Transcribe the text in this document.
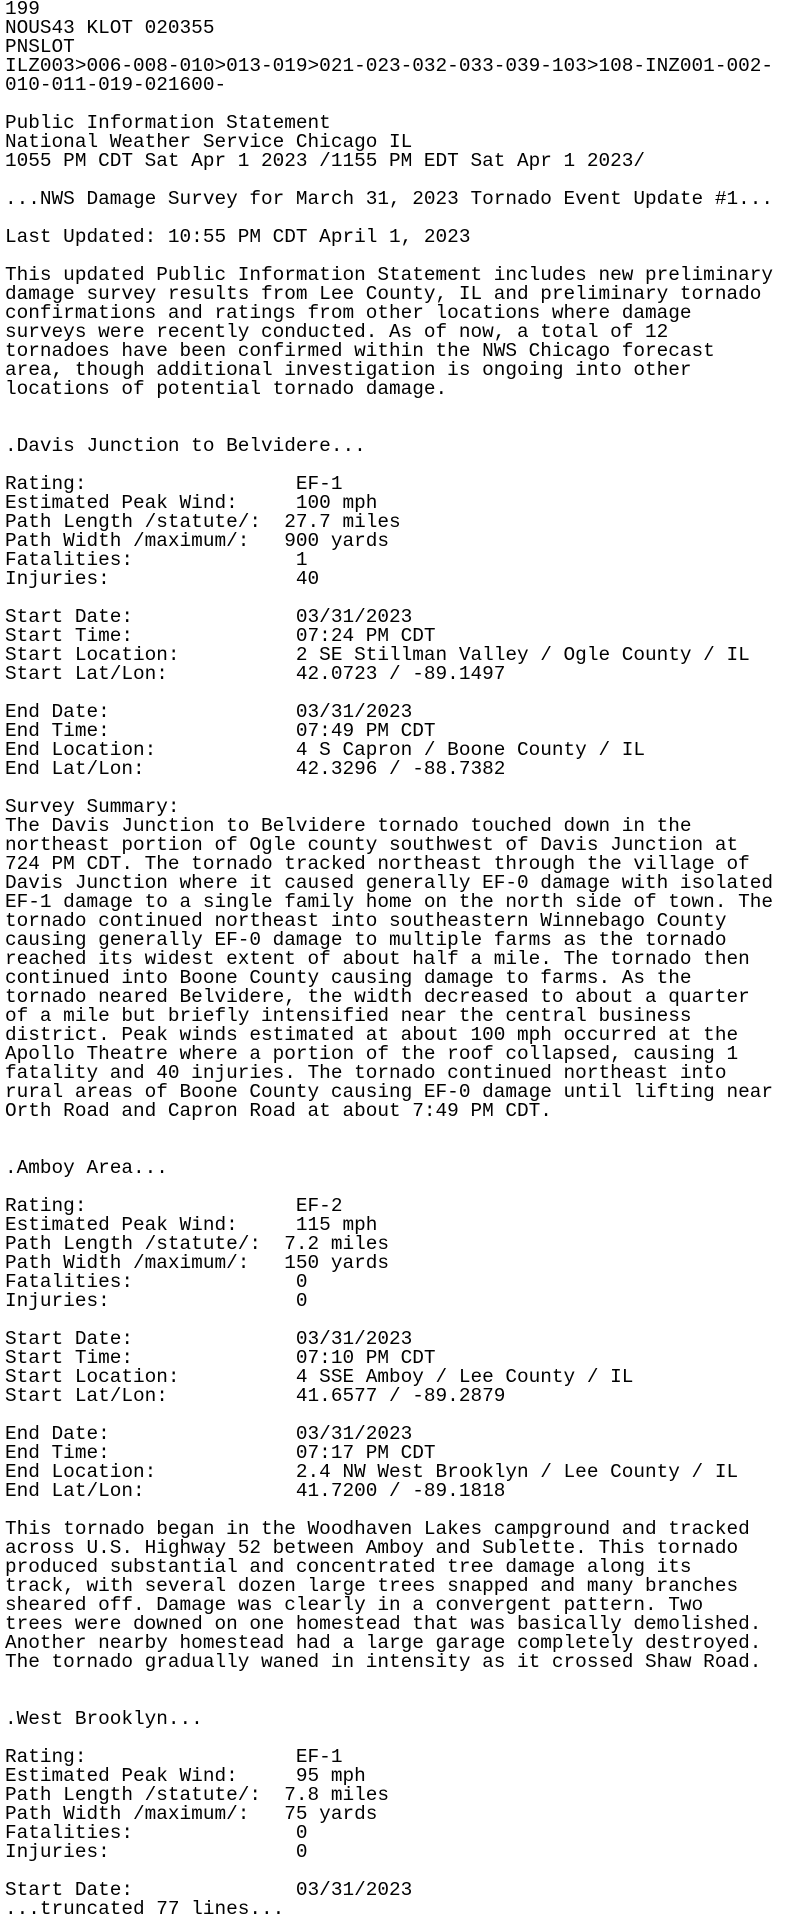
199
NOUS43 KLOT 020355
PNSLOT
ILZ003>006-008-010>013-019>021-023-032-033-039-103>108-INZ001-002-
010-011-019-021600-

Public Information Statement
National Weather Service Chicago IL
1055 PM CDT Sat Apr 1 2023 /1155 PM EDT Sat Apr 1 2023/

...NWS Damage Survey for March 31, 2023 Tornado Event Update #1...

Last Updated: 10:55 PM CDT April 1, 2023

This updated Public Information Statement includes new preliminary
damage survey results from Lee County, IL and preliminary tornado
confirmations and ratings from other locations where damage
surveys were recently conducted. As of now, a total of 12
tornadoes have been confirmed within the NWS Chicago forecast
area, though additional investigation is ongoing into other
locations of potential tornado damage.

.Davis Junction to Belvidere...

Rating:                  EF-1
Estimated Peak Wind:     100 mph
Path Length /statute/:  27.7 miles
Path Width /maximum/:   900 yards
Fatalities:              1
Injuries:                40

Start Date:              03/31/2023
Start Time:              07:24 PM CDT
Start Location:          2 SE Stillman Valley / Ogle County / IL
Start Lat/Lon:           42.0723 / -89.1497

End Date:                03/31/2023
End Time:                07:49 PM CDT
End Location:            4 S Capron / Boone County / IL
End Lat/Lon:             42.3296 / -88.7382

Survey Summary:
The Davis Junction to Belvidere tornado touched down in the
northeast portion of Ogle county southwest of Davis Junction at
724 PM CDT. The tornado tracked northeast through the village of
Davis Junction where it caused generally EF-0 damage with isolated
EF-1 damage to a single family home on the north side of town. The
tornado continued northeast into southeastern Winnebago County
causing generally EF-0 damage to multiple farms as the tornado
reached its widest extent of about half a mile. The tornado then
continued into Boone County causing damage to farms. As the
tornado neared Belvidere, the width decreased to about a quarter
of a mile but briefly intensified near the central business
district. Peak winds estimated at about 100 mph occurred at the
Apollo Theatre where a portion of the roof collapsed, causing 1
fatality and 40 injuries. The tornado continued northeast into
rural areas of Boone County causing EF-0 damage until lifting near
Orth Road and Capron Road at about 7:49 PM CDT.

.Amboy Area...

Rating:                  EF-2
Estimated Peak Wind:     115 mph
Path Length /statute/:  7.2 miles
Path Width /maximum/:   150 yards
Fatalities:              0
Injuries:                0

Start Date:              03/31/2023
Start Time:              07:10 PM CDT
Start Location:          4 SSE Amboy / Lee County / IL
Start Lat/Lon:           41.6577 / -89.2879

End Date:                03/31/2023
End Time:                07:17 PM CDT
End Location:            2.4 NW West Brooklyn / Lee County / IL
End Lat/Lon:             41.7200 / -89.1818

This tornado began in the Woodhaven Lakes campground and tracked
across U.S. Highway 52 between Amboy and Sublette. This tornado
produced substantial and concentrated tree damage along its
track, with several dozen large trees snapped and many branches
sheared off. Damage was clearly in a convergent pattern. Two
trees were downed on one homestead that was basically demolished.
Another nearby homestead had a large garage completely destroyed.
The tornado gradually waned in intensity as it crossed Shaw Road.

.West Brooklyn...

Rating:                  EF-1
Estimated Peak Wind:     95 mph
Path Length /statute/:  7.8 miles
Path Width /maximum/:   75 yards
Fatalities:              0
Injuries:                0

Start Date:              03/31/2023
...truncated 77 lines...
